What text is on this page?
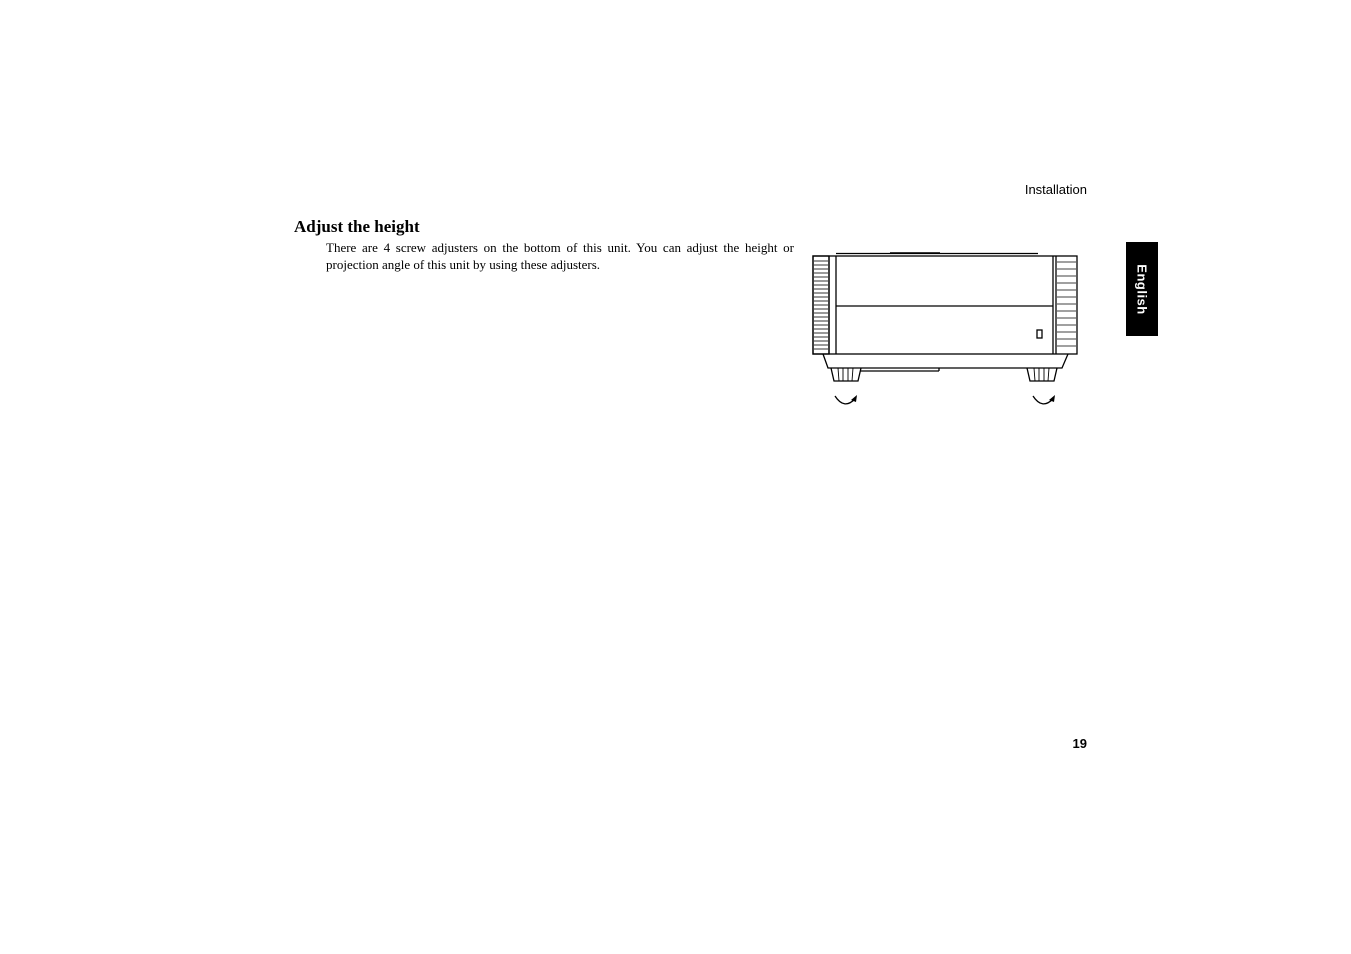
Installation
English
Adjust the height

There are 4 screw adjusters on the bottom of this unit. You can adjust the height or projection angle of this unit by using these adjusters.

19
